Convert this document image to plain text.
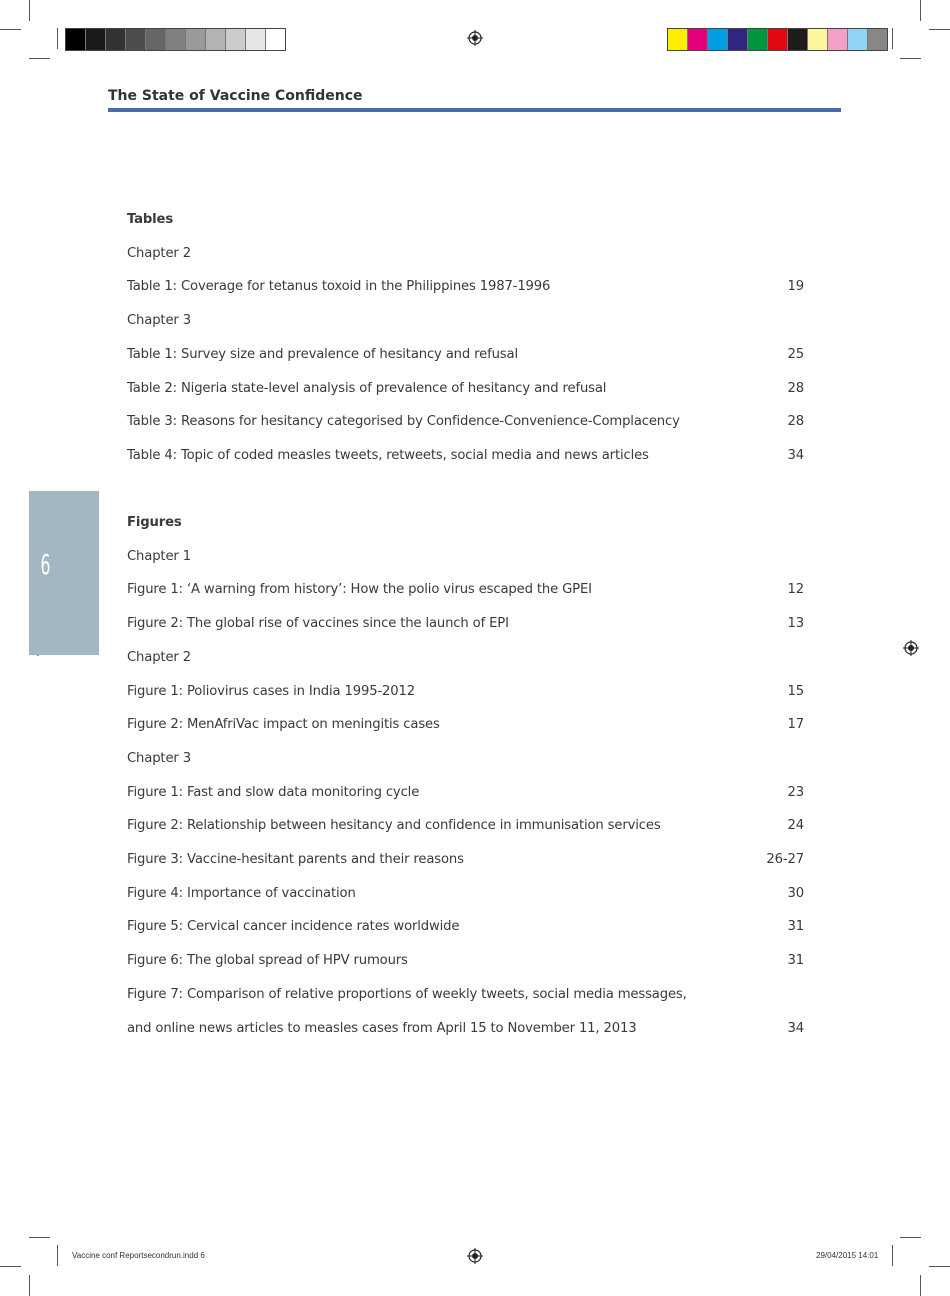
The State of Vaccine Confidence
6
Tables
Chapter 2
Table 1: Coverage for tetanus toxoid in the Philippines 1987-1996	19
Chapter 3
Table 1: Survey size and prevalence of hesitancy and refusal	25
Table 2: Nigeria state-level analysis of prevalence of hesitancy and refusal	28
Table 3: Reasons for hesitancy categorised by Confidence-Convenience-Complacency	28
Table 4: Topic of coded measles tweets, retweets, social media and news articles	34
Figures
Chapter 1
Figure 1: ‘A warning from history’: How the polio virus escaped the GPEI	12
Figure 2: The global rise of vaccines since the launch of EPI	13
Chapter 2
Figure 1: Poliovirus cases in India 1995-2012	15
Figure 2: MenAfriVac impact on meningitis cases	17
Chapter 3
Figure 1: Fast and slow data monitoring cycle	23
Figure 2: Relationship between hesitancy and confidence in immunisation services	24
Figure 3: Vaccine-hesitant parents and their reasons	26-27
Figure 4: Importance of vaccination	30
Figure 5: Cervical cancer incidence rates worldwide	31
Figure 6: The global spread of HPV rumours	31
Figure 7: Comparison of relative proportions of weekly tweets, social media messages,
and online news articles to measles cases from April 15 to November 11, 2013	34
Vaccine conf Reportsecondrun.indd 6	29/04/2015 14:01
